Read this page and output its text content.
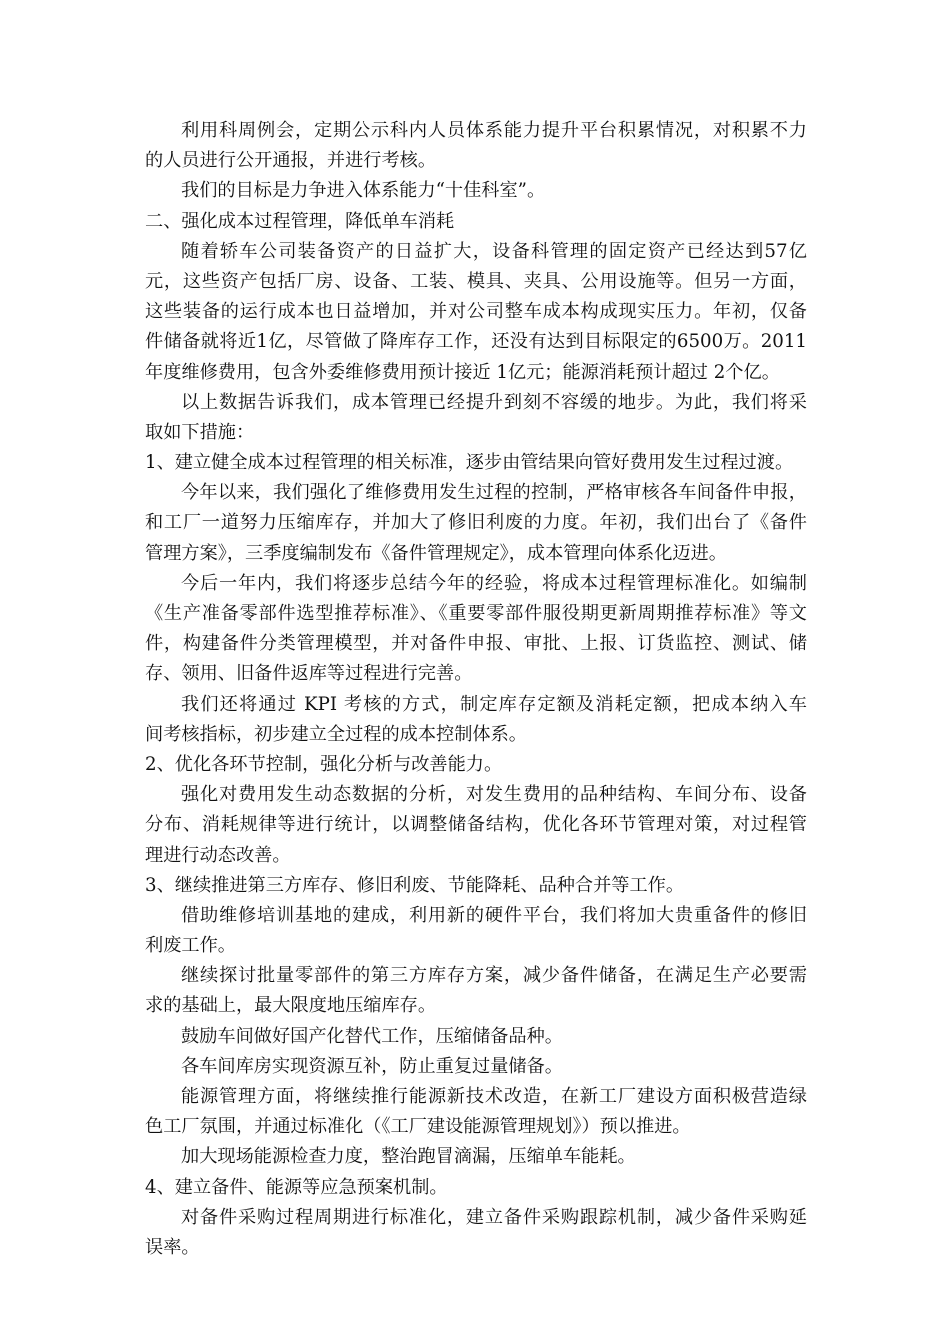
利用科周例会，定期公示科内人员体系能力提升平台积累情况，对积累不力
的人员进行公开通报，并进行考核。
我们的目标是力争进入体系能力“十佳科室”。
二、强化成本过程管理，降低单车消耗
随着轿车公司装备资产的日益扩大，设备科管理的固定资产已经达到57亿
元，这些资产包括厂房、设备、工装、模具、夹具、公用设施等。但另一方面，
这些装备的运行成本也日益增加，并对公司整车成本构成现实压力。年初，仅备
件储备就将近1亿，尽管做了降库存工作，还没有达到目标限定的6500万。2011
年度维修费用，包含外委维修费用预计接近 1亿元；能源消耗预计超过 2个亿。
以上数据告诉我们，成本管理已经提升到刻不容缓的地步。为此，我们将采
取如下措施：
1、建立健全成本过程管理的相关标准，逐步由管结果向管好费用发生过程过渡。
今年以来，我们强化了维修费用发生过程的控制，严格审核各车间备件申报，
和工厂一道努力压缩库存，并加大了修旧利废的力度。年初，我们出台了《备件
管理方案》，三季度编制发布《备件管理规定》，成本管理向体系化迈进。
今后一年内，我们将逐步总结今年的经验，将成本过程管理标准化。如编制
《生产准备零部件选型推荐标准》、《重要零部件服役期更新周期推荐标准》等文
件，构建备件分类管理模型，并对备件申报、审批、上报、订货监控、测试、储
存、领用、旧备件返库等过程进行完善。
我们还将通过 KPI 考核的方式，制定库存定额及消耗定额，把成本纳入车
间考核指标，初步建立全过程的成本控制体系。
2、优化各环节控制，强化分析与改善能力。
强化对费用发生动态数据的分析，对发生费用的品种结构、车间分布、设备
分布、消耗规律等进行统计，以调整储备结构，优化各环节管理对策，对过程管
理进行动态改善。
3、继续推进第三方库存、修旧利废、节能降耗、品种合并等工作。
借助维修培训基地的建成，利用新的硬件平台，我们将加大贵重备件的修旧
利废工作。
继续探讨批量零部件的第三方库存方案，减少备件储备，在满足生产必要需
求的基础上，最大限度地压缩库存。
鼓励车间做好国产化替代工作，压缩储备品种。
各车间库房实现资源互补，防止重复过量储备。
能源管理方面，将继续推行能源新技术改造，在新工厂建设方面积极营造绿
色工厂氛围，并通过标准化（《工厂建设能源管理规划》）预以推进。
加大现场能源检查力度，整治跑冒滴漏，压缩单车能耗。
4、建立备件、能源等应急预案机制。
对备件采购过程周期进行标准化，建立备件采购跟踪机制，减少备件采购延
误率。
